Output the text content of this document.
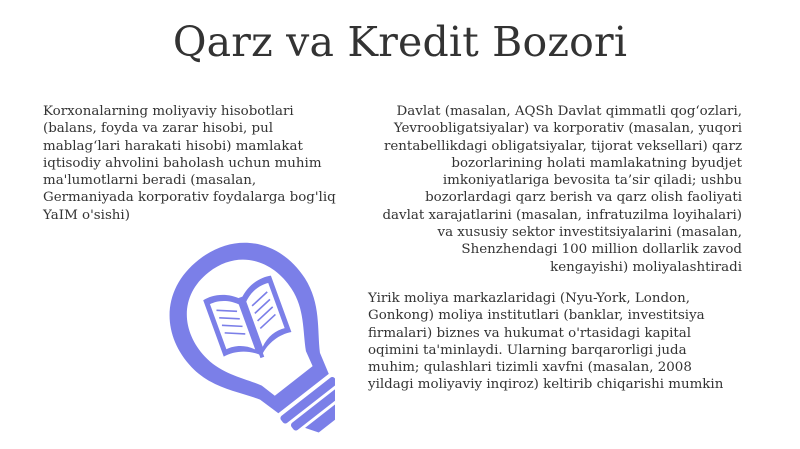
Qarz va Kredit Bozori

Korxonalarning moliyaviy hisobotlari (balans, foyda va zarar hisobi, pul mablag‘lari harakati hisobi) mamlakat iqtisodiy ahvolini baholash uchun muhim ma'lumotlarni beradi (masalan, Germaniyada korporativ foydalarga bog'liq YaIM o'sishi)

Davlat (masalan, AQSh Davlat qimmatli qog‘ozlari, Yevroobligatsiyalar) va korporativ (masalan, yuqori rentabellikdagi obligatsiyalar, tijorat veksellari) qarz bozorlarining holati mamlakatning byudjet imkoniyatlariga bevosita ta’sir qiladi; ushbu bozorlardagi qarz berish va qarz olish faoliyati davlat xarajatlarini (masalan, infratuzilma loyihalari) va xususiy sektor investitsiyalarini (masalan, Shenzhendagi 100 million dollarlik zavod kengayishi) moliyalashtiradi

Yirik moliya markazlaridagi (Nyu-York, London, Gonkong) moliya institutlari (banklar, investitsiya firmalari) biznes va hukumat o'rtasidagi kapital oqimini ta'minlaydi. Ularning barqarorligi juda muhim; qulashlari tizimli xavfni (masalan, 2008 yildagi moliyaviy inqiroz) keltirib chiqarishi mumkin
